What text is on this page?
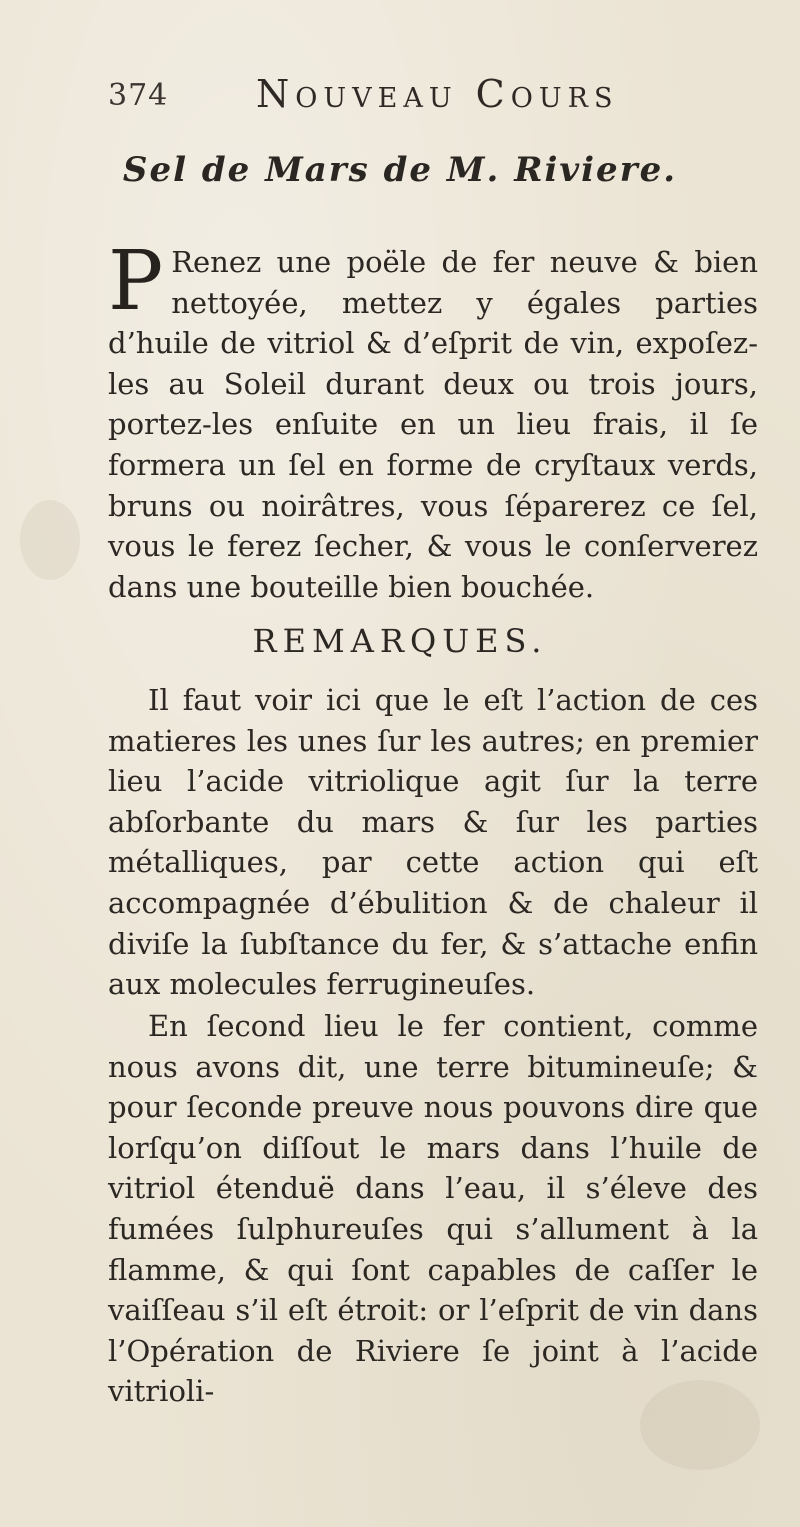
374 Nouveau Cours
Sel de Mars de M. Riviere.
P Renez une poële de fer neuve & bien nettoyée, mettez y égales parties d’huile de vitriol & d’eſprit de vin, expoſez-les au Soleil durant deux ou trois jours, portez-les enſuite en un lieu frais, il ſe formera un ſel en forme de cryſtaux verds, bruns ou noirâtres, vous ſéparerez ce ſel, vous le ferez ſecher, & vous le conſerverez dans une bouteille bien bouchée.
REMARQUES.
Il faut voir ici que le eſt l’action de ces matieres les unes ſur les autres; en premier lieu l’acide vitriolique agit ſur la terre abſorbante du mars & ſur les parties métalliques, par cette action qui eſt accompagnée d’ébulition & de chaleur il diviſe la ſubſtance du fer, & s’attache enfin aux molecules ferrugineuſes.
En ſecond lieu le fer contient, comme nous avons dit, une terre bitumineuſe; & pour ſeconde preuve nous pouvons dire que lorſqu’on diſſout le mars dans l’huile de vitriol étenduë dans l’eau, il s’éleve des fumées ſulphureuſes qui s’allument à la flamme, & qui ſont capables de caſſer le vaiſſeau s’il eſt étroit: or l’eſprit de vin dans l’Opération de Riviere ſe joint à l’acide vitrioli-
